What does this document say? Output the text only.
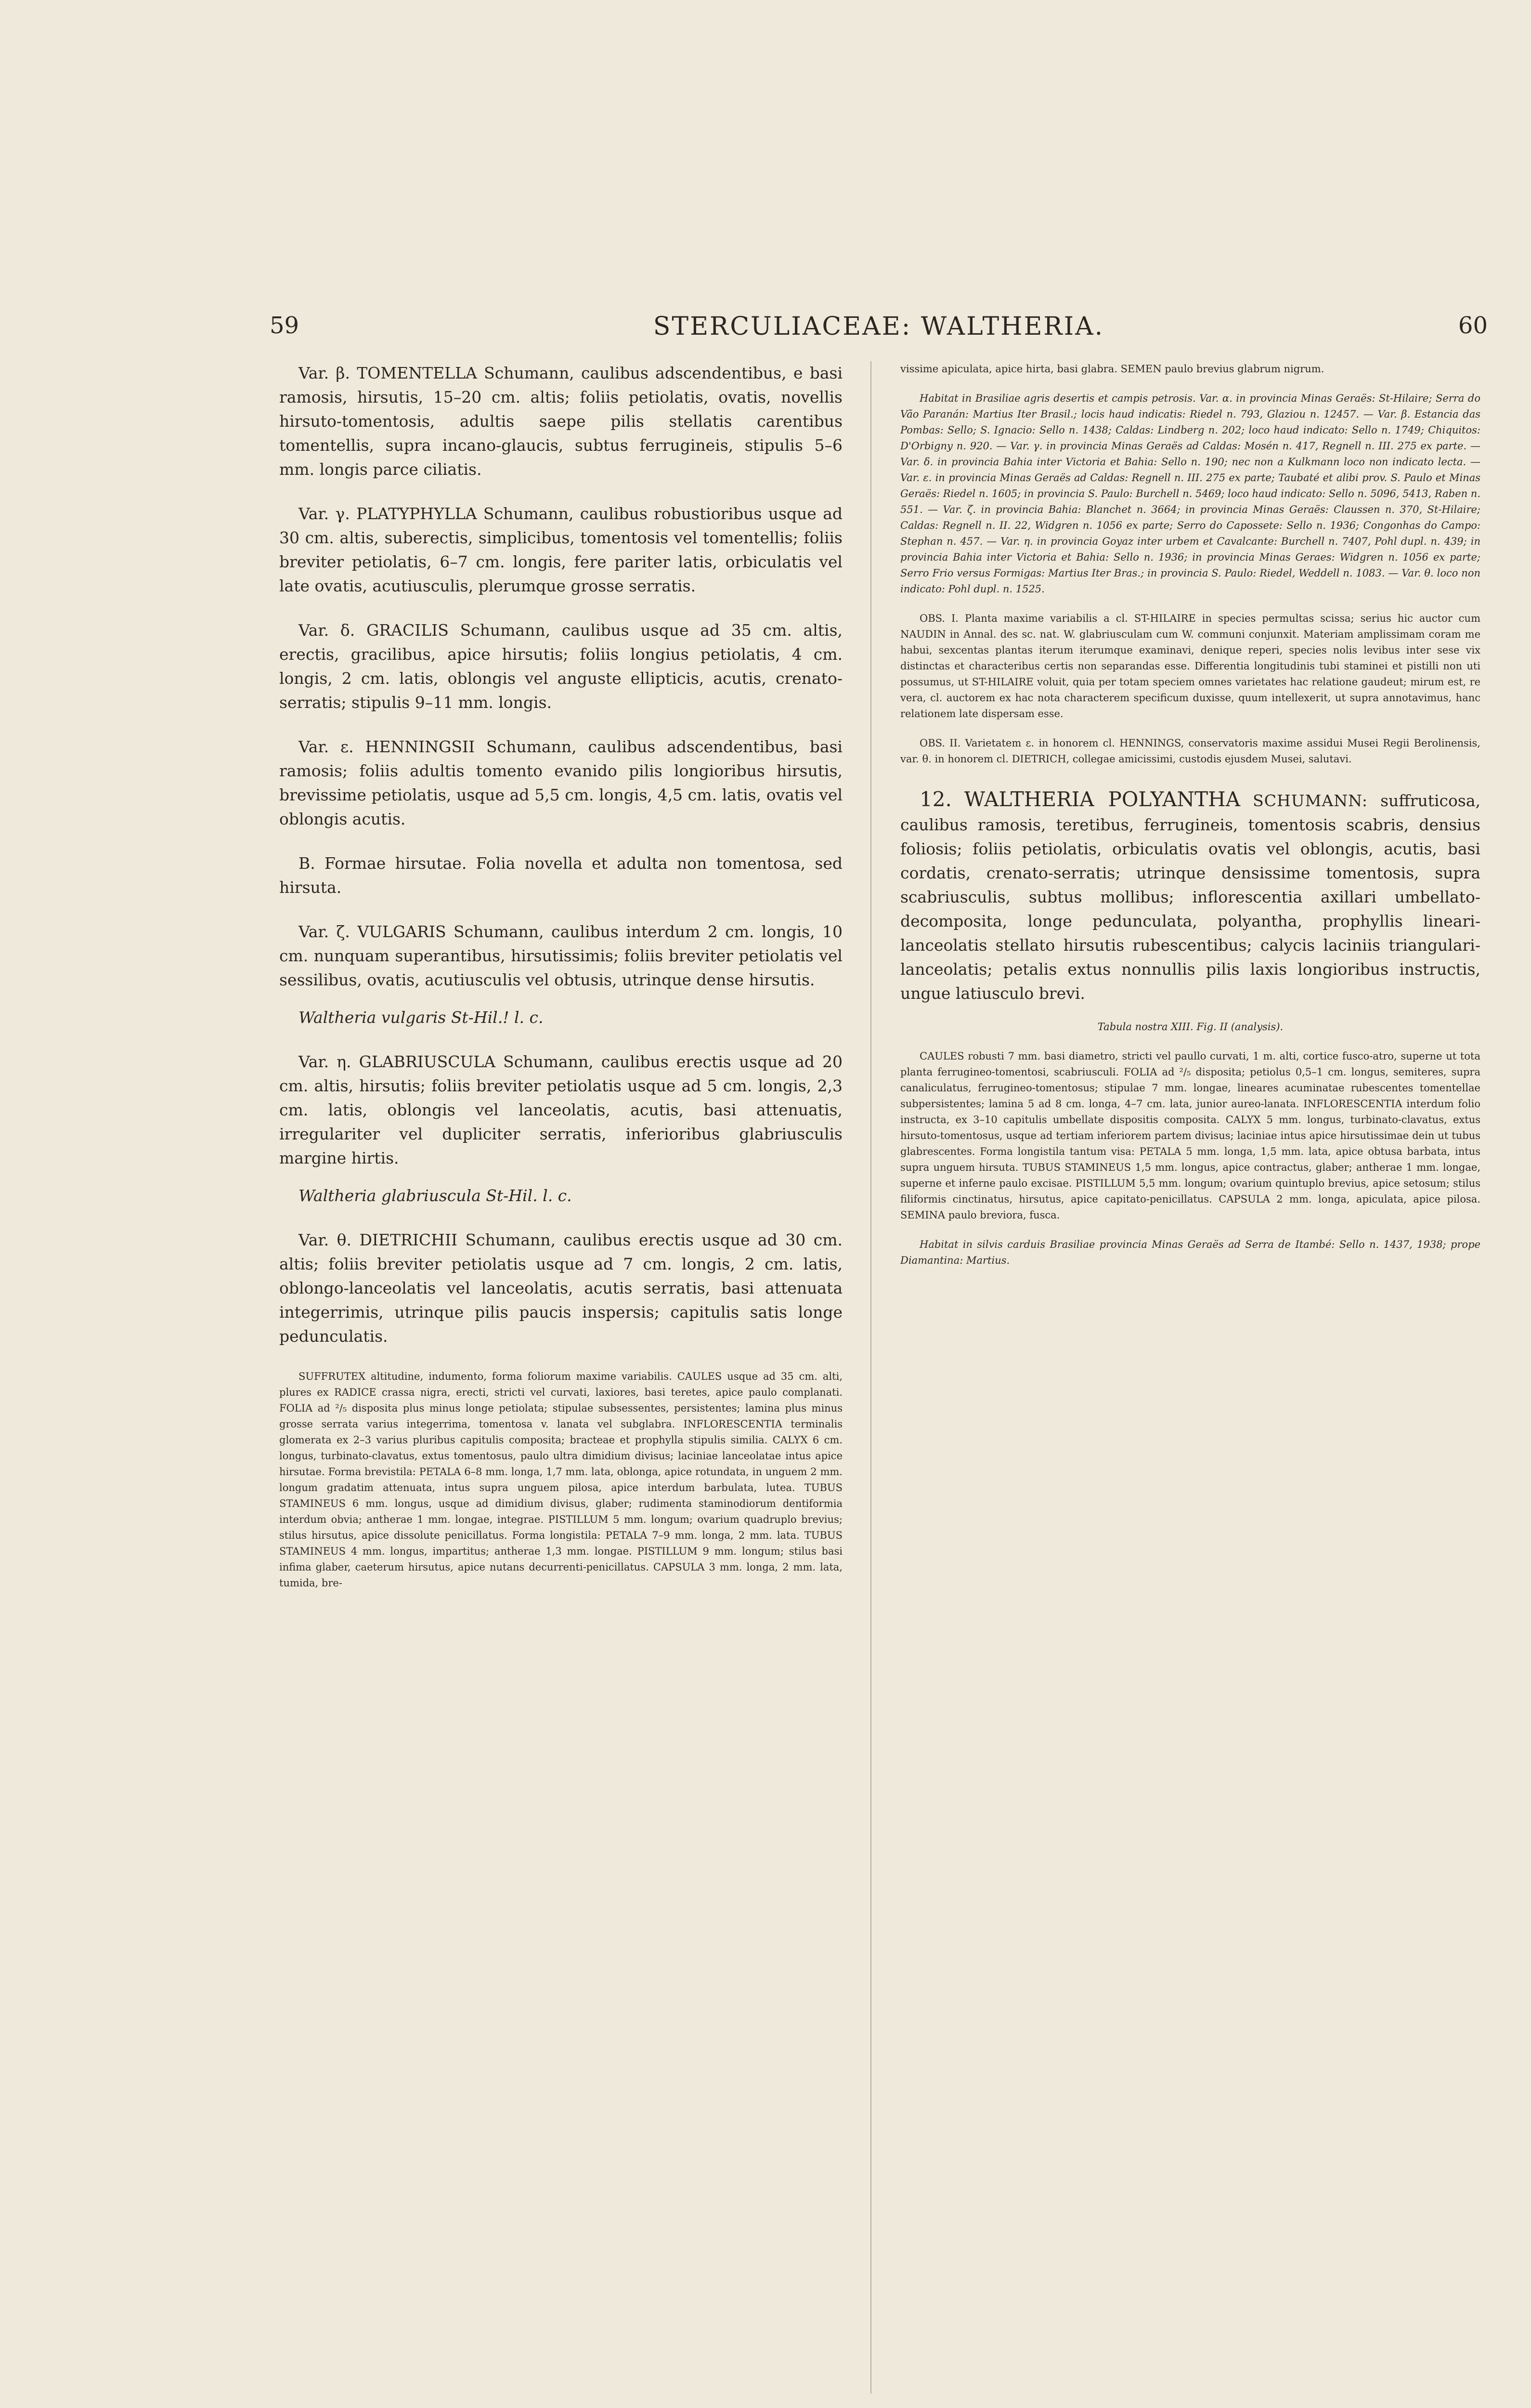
59	STERCULIACEAE: WALTHERIA.	60

Var. β. TOMENTELLA Schumann, caulibus adscendentibus, e basi ramosis, hirsutis, 15–20 cm. altis; foliis petiolatis, ovatis, novellis hirsuto-tomentosis, adultis saepe pilis stellatis carentibus tomentellis, supra incano-glaucis, subtus ferrugineis, stipulis 5–6 mm. longis parce ciliatis.

Var. γ. PLATYPHYLLA Schumann, caulibus robustioribus usque ad 30 cm. altis, suberectis, simplicibus, tomentosis vel tomentellis; foliis breviter petiolatis, 6–7 cm. longis, fere pariter latis, orbiculatis vel late ovatis, acutiusculis, plerumque grosse serratis.

Var. δ. GRACILIS Schumann, caulibus usque ad 35 cm. altis, erectis, gracilibus, apice hirsutis; foliis longius petiolatis, 4 cm. longis, 2 cm. latis, oblongis vel anguste ellipticis, acutis, crenato-serratis; stipulis 9–11 mm. longis.

Var. ε. HENNINGSII Schumann, caulibus adscendentibus, basi ramosis; foliis adultis tomento evanido pilis longioribus hirsutis, brevissime petiolatis, usque ad 5,5 cm. longis, 4,5 cm. latis, ovatis vel oblongis acutis.

B. Formae hirsutae. Folia novella et adulta non tomentosa, sed hirsuta.

Var. ζ. VULGARIS Schumann, caulibus interdum 2 cm. longis, 10 cm. nunquam superantibus, hirsutissimis; foliis breviter petiolatis vel sessilibus, ovatis, acutiusculis vel obtusis, utrinque dense hirsutis.

Waltheria vulgaris St-Hil.! l. c.

Var. η. GLABRIUSCULA Schumann, caulibus erectis usque ad 20 cm. altis, hirsutis; foliis breviter petiolatis usque ad 5 cm. longis, 2,3 cm. latis, oblongis vel lanceolatis, acutis, basi attenuatis, irregulariter vel dupliciter serratis, inferioribus glabriusculis margine hirtis.

Waltheria glabriuscula St-Hil. l. c.

Var. θ. DIETRICHII Schumann, caulibus erectis usque ad 30 cm. altis; foliis breviter petiolatis usque ad 7 cm. longis, 2 cm. latis, oblongo-lanceolatis vel lanceolatis, acutis serratis, basi attenuata integerrimis, utrinque pilis paucis inspersis; capitulis satis longe pedunculatis.

SUFFRUTEX altitudine, indumento, forma foliorum maxime variabilis. CAULES usque ad 35 cm. alti, plures ex RADICE crassa nigra, erecti, stricti vel curvati, laxiores, basi teretes, apice paulo complanati. FOLIA ad ²/₅ disposita plus minus longe petiolata; stipulae subsessentes, persistentes; lamina plus minus grosse serrata varius integerrima, tomentosa v. lanata vel subglabra. INFLORESCENTIA terminalis glomerata ex 2–3 varius pluribus capitulis composita; bracteae et prophylla stipulis similia. CALYX 6 cm. longus, turbinato-clavatus, extus tomentosus, paulo ultra dimidium divisus; laciniae lanceolatae intus apice hirsutae. Forma brevistila: PETALA 6–8 mm. longa, 1,7 mm. lata, oblonga, apice rotundata, in unguem 2 mm. longum gradatim attenuata, intus supra unguem pilosa, apice interdum barbulata, lutea. TUBUS STAMINEUS 6 mm. longus, usque ad dimidium divisus, glaber; rudimenta staminodiorum dentiformia interdum obvia; antherae 1 mm. longae, integrae. PISTILLUM 5 mm. longum; ovarium quadruplo brevius; stilus hirsutus, apice dissolute penicillatus. Forma longistila: PETALA 7–9 mm. longa, 2 mm. lata. TUBUS STAMINEUS 4 mm. longus, impartitus; antherae 1,3 mm. longae. PISTILLUM 9 mm. longum; stilus basi infima glaber, caeterum hirsutus, apice nutans decurrenti-penicillatus. CAPSULA 3 mm. longa, 2 mm. lata, tumida, bre-

vissime apiculata, apice hirta, basi glabra. SEMEN paulo brevius glabrum nigrum.

Habitat in Brasiliae agris desertis et campis petrosis. Var. α. in provincia Minas Geraës: St-Hilaire; Serra do Vão Paranán: Martius Iter Brasil.; locis haud indicatis: Riedel n. 793, Glaziou n. 12457. — Var. β. Estancia das Pombas: Sello; S. Ignacio: Sello n. 1438; Caldas: Lindberg n. 202; loco haud indicato: Sello n. 1749; Chiquitos: D'Orbigny n. 920. — Var. γ. in provincia Minas Geraës ad Caldas: Mosén n. 417, Regnell n. III. 275 ex parte. — Var. δ. in provincia Bahia inter Victoria et Bahia: Sello n. 190; nec non a Kulkmann loco non indicato lecta. — Var. ε. in provincia Minas Geraës ad Caldas: Regnell n. III. 275 ex parte; Taubaté et alibi prov. S. Paulo et Minas Geraës: Riedel n. 1605; in provincia S. Paulo: Burchell n. 5469; loco haud indicato: Sello n. 5096, 5413, Raben n. 551. — Var. ζ. in provincia Bahia: Blanchet n. 3664; in provincia Minas Geraës: Claussen n. 370, St-Hilaire; Caldas: Regnell n. II. 22, Widgren n. 1056 ex parte; Serro do Capossete: Sello n. 1936; Congonhas do Campo: Stephan n. 457. — Var. η. in provincia Goyaz inter urbem et Cavalcante: Burchell n. 7407, Pohl dupl. n. 439; in provincia Bahia inter Victoria et Bahia: Sello n. 1936; in provincia Minas Geraes: Widgren n. 1056 ex parte; Serro Frio versus Formigas: Martius Iter Bras.; in provincia S. Paulo: Riedel, Weddell n. 1083. — Var. θ. loco non indicato: Pohl dupl. n. 1525.

OBS. I. Planta maxime variabilis a cl. ST-HILAIRE in species permultas scissa; serius hic auctor cum NAUDIN in Annal. des sc. nat. W. glabriusculam cum W. communi conjunxit. Materiam amplissimam coram me habui, sexcentas plantas iterum iterumque examinavi, denique reperi, species nolis levibus inter sese vix distinctas et characteribus certis non separandas esse. Differentia longitudinis tubi staminei et pistilli non uti possumus, ut ST-HILAIRE voluit, quia per totam speciem omnes varietates hac relatione gaudeut; mirum est, re vera, cl. auctorem ex hac nota characterem specificum duxisse, quum intellexerit, ut supra annotavimus, hanc relationem late dispersam esse.

OBS. II. Varietatem ε. in honorem cl. HENNINGS, conservatoris maxime assidui Musei Regii Berolinensis, var. θ. in honorem cl. DIETRICH, collegae amicissimi, custodis ejusdem Musei, salutavi.

12. WALTHERIA POLYANTHA SCHUMANN: suffruticosa, caulibus ramosis, teretibus, ferrugineis, tomentosis scabris, densius foliosis; foliis petiolatis, orbiculatis ovatis vel oblongis, acutis, basi cordatis, crenato-serratis; utrinque densissime tomentosis, supra scabriusculis, subtus mollibus; inflorescentia axillari umbellato-decomposita, longe pedunculata, polyantha, prophyllis lineari-lanceolatis stellato hirsutis rubescentibus; calycis laciniis triangulari-lanceolatis; petalis extus nonnullis pilis laxis longioribus instructis, ungue latiusculo brevi.

Tabula nostra XIII. Fig. II (analysis).

CAULES robusti 7 mm. basi diametro, stricti vel paullo curvati, 1 m. alti, cortice fusco-atro, superne ut tota planta ferrugineo-tomentosi, scabriusculi. FOLIA ad ²/₅ disposita; petiolus 0,5–1 cm. longus, semiteres, supra canaliculatus, ferrugineo-tomentosus; stipulae 7 mm. longae, lineares acuminatae rubescentes tomentellae subpersistentes; lamina 5 ad 8 cm. longa, 4–7 cm. lata, junior aureo-lanata. INFLORESCENTIA interdum folio instructa, ex 3–10 capitulis umbellate dispositis composita. CALYX 5 mm. longus, turbinato-clavatus, extus hirsuto-tomentosus, usque ad tertiam inferiorem partem divisus; laciniae intus apice hirsutissimae dein ut tubus glabrescentes. Forma longistila tantum visa: PETALA 5 mm. longa, 1,5 mm. lata, apice obtusa barbata, intus supra unguem hirsuta. TUBUS STAMINEUS 1,5 mm. longus, apice contractus, glaber; antherae 1 mm. longae, superne et inferne paulo excisae. PISTILLUM 5,5 mm. longum; ovarium quintuplo brevius, apice setosum; stilus filiformis cinctinatus, hirsutus, apice capitato-penicillatus. CAPSULA 2 mm. longa, apiculata, apice pilosa. SEMINA paulo breviora, fusca.

Habitat in silvis carduis Brasiliae provincia Minas Geraës ad Serra de Itambé: Sello n. 1437, 1938; prope Diamantina: Martius.
